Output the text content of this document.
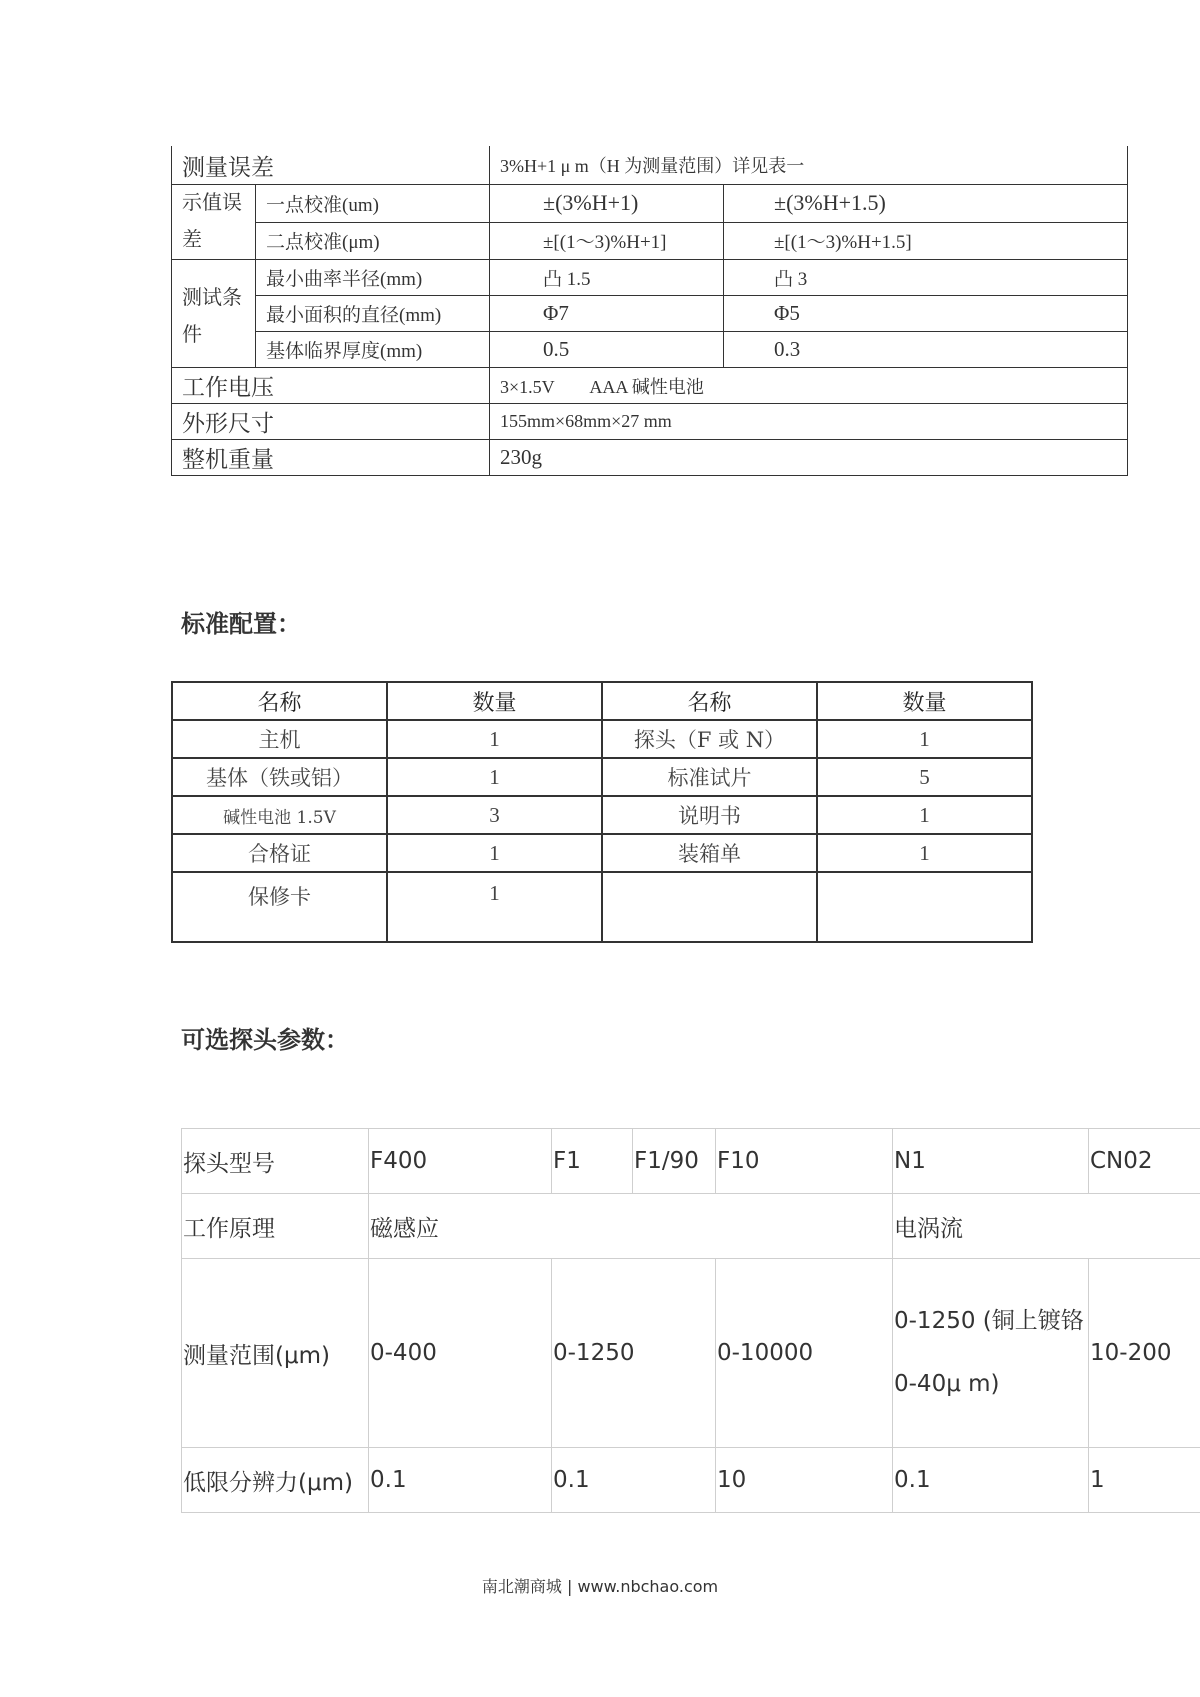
测量误差		3%H+1 μ m（H 为测量范围）详见表一	
示值误差	一点校准(um)	±(3%H+1)	±(3%H+1.5)
	二点校准(μm)	±[(1～3)%H+1]	±[(1～3)%H+1.5]
测试条件	最小曲率半径(mm)	凸 1.5	凸 3
	最小面积的直径(mm)	Φ7	Φ5
	基体临界厚度(mm)	0.5	0.3
工作电压		3×1.5V        AAA 碱性电池	
外形尺寸		155mm×68mm×27 mm	
整机重量		230g	
标准配置：
名称	数量	名称	数量
主机	1	探头（F 或 N）	1
基体（铁或铝）	1	标准试片	5
碱性电池 1.5V	3	说明书	1
合格证	1	装箱单	1
保修卡	1		
可选探头参数：
探头型号	F400	F1	F1/90	F10	N1	CN02
工作原理	磁感应				电涡流	
测量范围(μm)	0-400	0-1250		0-10000	0-1250 (铜上镀铬 0-40μ m)	10-200
低限分辨力(μm)	0.1	0.1		10	0.1	1
南北潮商城 | www.nbchao.com
